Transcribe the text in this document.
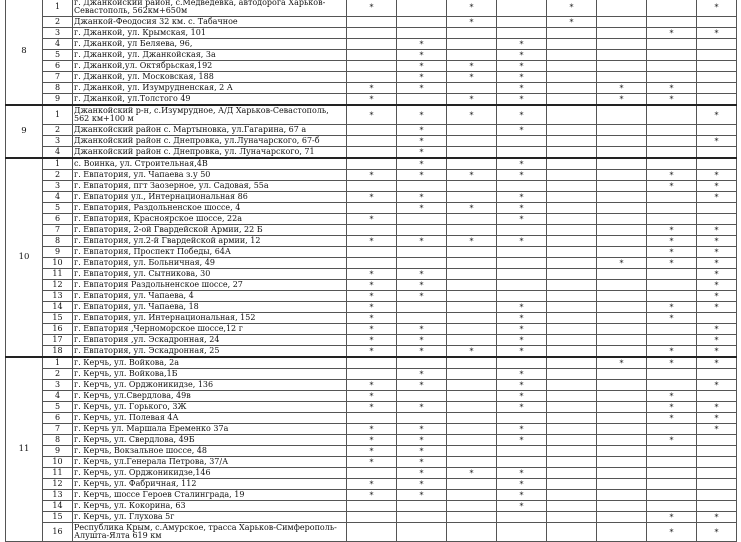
8	1	г. Джанкойский район, с.Медведевка, автодорога Харьков-Севастополь, 562км+650м	*		*		*			*
	2	Джанкой-Феодосия 32 км. с. Табачное			*		*			
	3	г. Джанкой, ул. Крымская, 101							*	*
	4	г. Джанкой, ул Беляева, 96,		*		*				
	5	г. Джанкой, ул. Джанкойская, 3а		*		*				
	6	г. Джанкой,ул. Октябрьская,192		*	*	*				
	7	г. Джанкой, ул. Московская, 188		*	*	*				
	8	г. Джанкой, ул. Изумрудненская, 2 А	*	*		*		*	*	
	9	г. Джанкой, ул.Толстого 49	*		*	*		*	*	
9	1	Джанкойский р-н, с.Изумрудное, А/Д Харьков-Севастополь, 562 км+100 м	*	*	*	*				*
	2	Джанкойский район с. Мартыновка, ул.Гагарина, 67 а		*		*				
	3	Джанкойский район с. Днепровка, ул.Луначарского, 67-б		*						*
	4	Джанкойский район с. Днепровка, ул. Луначарского, 71		*						
10	1	с. Воинка, ул. Строительная,4В		*		*				
	2	г. Евпатория, ул. Чапаева з.у 50	*	*	*	*			*	*
	3	г. Евпатория, пгт Заозерное, ул. Садовая, 55а							*	*
	4	г. Евпатория ул., Интернациональная 86	*	*		*				*
	5	г. Евпатория, Раздольненское шоссе, 4		*	*	*				
	6	г. Евпатория, Красноярское шоссе, 22а	*			*				
	7	г. Евпатория, 2-ой Гвардейской Армии, 22 Б							*	*
	8	г. Евпатория, ул.2-й Гвардейской армии, 12	*	*	*	*			*	*
	9	г. Евпатория, Проспект Победы, 64А							*	*
	10	г. Евпатория, ул. Больничная, 49						*	*	*
	11	г. Евпатория, ул. Сытникова, 30	*	*						*
	12	г. Евпатория Раздольненское шоссе, 27	*	*						*
	13	г. Евпатория, ул. Чапаева, 4	*	*						*
	14	г. Евпатория, ул. Чапаева, 18	*			*			*	*
	15	г. Евпатория, ул. Интернациональная, 152	*			*			*	
	16	г. Евпатория ,Черноморское шоссе,12 г	*	*		*				*
	17	г. Евпатория ,ул. Эскадронная, 24	*	*		*				*
	18	г. Евпатория, ул. Эскадронная, 25	*	*	*	*			*	*
11	1	г. Керчь, ул. Войкова, 2а						*	*	*
	2	г. Керчь, ул. Войкова,1Б		*		*				
	3	г. Керчь, ул. Орджоникидзе, 136	*	*		*				*
	4	г. Керчь, ул.Свердлова, 49в	*			*			*	
	5	г. Керчь, ул. Горького, 3Ж	*	*		*			*	*
	6	г. Керчь, ул. Полевая 4А							*	*
	7	г. Керчь ул. Маршала Еременко 37а	*	*		*				*
	8	г. Керчь, ул. Свердлова, 49Б	*	*		*			*	
	9	г. Керчь, Вокзальное шоссе, 48	*	*						
	10	г. Керчь, ул.Генерала Петрова, 37/А	*	*						
	11	г. Керчь, ул. Орджоникидзе,146		*	*	*				
	12	г. Керчь, ул. Фабричная, 112	*	*		*				
	13	г. Керчь, шоссе Героев Сталинграда, 19	*	*		*				
	14	г. Керчь, ул. Кокорина, 63				*				
	15	г. Керчь, ул. Глухова 5г							*	*
	16	Республика Крым, с.Амурское, трасса Харьков-Симферополь-Алушта-Ялта 619 км							*	*
